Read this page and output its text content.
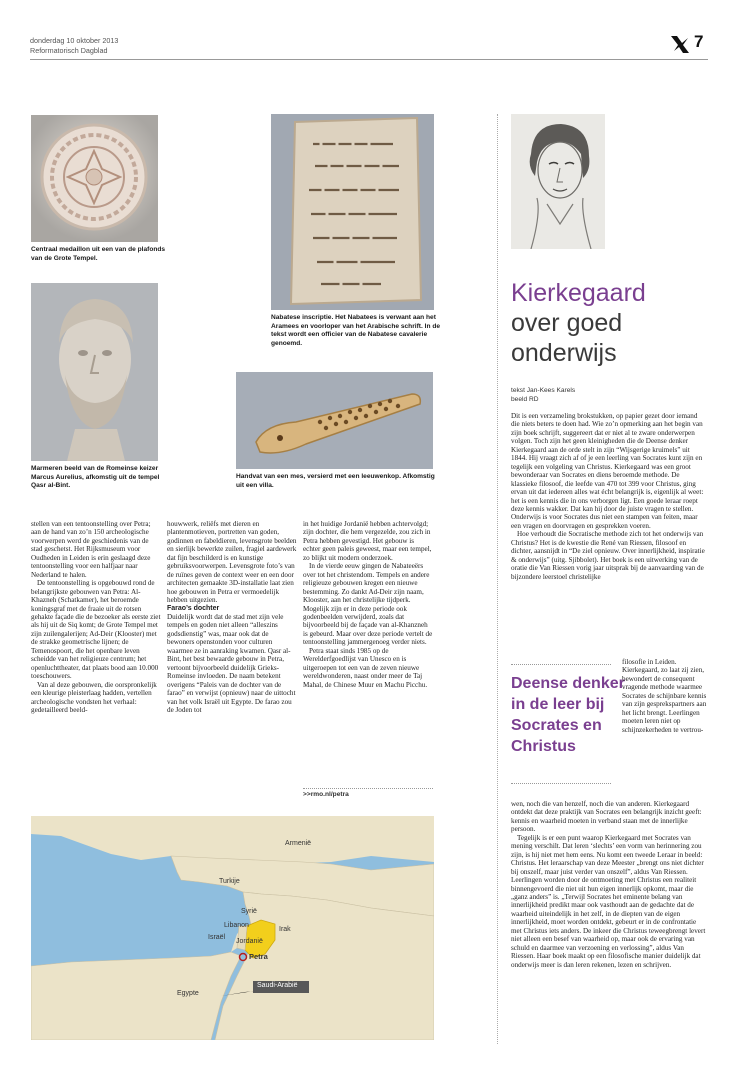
donderdag 10 oktober 2013
Reformatorisch Dagblad	7
Centraal medaillon uit een van de plafonds van de Grote Tempel.
Nabatese inscriptie. Het Nabatees is verwant aan het Aramees en voorloper van het Arabische schrift. In de tekst wordt een officier van de Nabatese cavalerie genoemd.
Marmeren beeld van de Romeinse keizer Marcus Aurelius, afkomstig uit de tempel Qasr al-Bint.
Handvat van een mes, versierd met een leeuwenkop. Afkomstig uit een villa.

stellen van een tentoonstelling over Petra; aan de hand van zo’n 150 archeologische voorwerpen werd de geschiedenis van de stad geschetst. Het Rijksmuseum voor Oudheden in Leiden is erin geslaagd deze tentoonstelling voor een halfjaar naar Nederland te halen.

De tentoonstelling is opgebouwd rond de belangrijkste gebouwen van Petra: Al-Khazneh (Schatkamer), het beroemde koningsgraf met de fraaie uit de rotsen gehakte façade die de bezoeker als eerste ziet als hij uit de Siq komt; de Grote Tempel met zijn zuilengalerijen; Ad-Deir (Klooster) met de strakke geometrische lijnen; de Temenospoort, die het openbare leven scheidde van het religieuze centrum; het openluchttheater, dat plaats bood aan 10.000 toeschouwers.

Van al deze gebouwen, die oorspronkelijk een kleurige pleisterlaag hadden, vertellen archeologische vondsten het verhaal: gedetailleerd beeld-

houwwerk, reliëfs met dieren en plantenmotieven, portretten van goden, godinnen en fabeldieren, levensgrote beelden en sierlijk bewerkte zuilen, fragiel aardewerk dat fijn beschilderd is en kunstige gebruiksvoorwerpen. Levensgrote foto’s van de ruïnes geven de context weer en een door architecten gemaakte 3D-installatie laat zien hoe gebouwen in Petra er vermoedelijk hebben uitgezien.

Farao’s dochter

Duidelijk wordt dat de stad met zijn vele tempels en goden niet alleen “alleszins godsdienstig” was, maar ook dat de bewoners openstonden voor culturen waarmee ze in aanraking kwamen. Qasr al-Bint, het best bewaarde gebouw in Petra, vertoont bijvoorbeeld duidelijk Grieks-Romeinse invloeden. De naam betekent overigens “Paleis van de dochter van de farao” en verwijst (opnieuw) naar de uittocht van het volk Israël uit Egypte. De farao zou de Joden tot

in het huidige Jordanië hebben achtervolgd; zijn dochter, die hem vergezelde, zou zich in Petra hebben gevestigd. Het gebouw is echter geen paleis geweest, maar een tempel, zo blijkt uit modern onderzoek.

In de vierde eeuw gingen de Nabateeërs over tot het christendom. Tempels en andere religieuze gebouwen kregen een nieuwe bestemming. Zo dankt Ad-Deir zijn naam, Klooster, aan het christelijke tijdperk. Mogelijk zijn er in deze periode ook godenbeelden verwijderd, zoals dat bijvoorbeeld bij de façade van al-Khanzneh is gebeurd. Maar over deze periode vertelt de tentoonstelling jammergenoeg verder niets.

Petra staat sinds 1985 op de Werelderfgoedlijst van Unesco en is uitgeroepen tot een van de zeven nieuwe wereldwonderen, naast onder meer de Taj Mahal, de Chinese Muur en Machu Picchu.

>>rmo.nl/petra
Armenië
Turkije
Syrië
Libanon
Irak
Israël
Jordanië
Petra
Saudi-Arabië
Egypte
Kierkegaard
over goed
onderwijs
tekst Jan-Kees Karels
beeld RD

Dit is een verzameling brokstukken, op papier gezet door iemand die niets beters te doen had. Wie zo’n opmerking aan het begin van zijn boek schrijft, suggereert dat er niet al te zware onderwerpen volgen. Toch zijn het geen kleinigheden die de Deense denker Kierkegaard aan de orde stelt in zijn “Wijsgerige kruimels” uit 1844. Hij vraagt zich af of je een leerling van Socrates kunt zijn en tegelijk een volgeling van Christus. Kierkegaard was een groot bewonderaar van Socrates en diens beroemde methode. De klassieke filosoof, die leefde van 470 tot 399 voor Christus, ging ervan uit dat iedereen alles wat écht belangrijk is, eigenlijk al weet: het is een kennis die in ons verborgen ligt. Een goede leraar roept deze kennis wakker. Dat kan hij door de juiste vragen te stellen. Onderwijs is voor Socrates dus niet een stampen van feiten, maar een vragen en doorvragen en gesprekken voeren.

Hoe verhoudt die Socratische methode zich tot het onderwijs van Christus? Het is de kwestie die René van Riessen, filosoof en dichter, aansnijdt in “De ziel opnieuw. Over innerlijkheid, inspiratie & onderwijs” (uitg. Sjibbolet). Het boek is een uitwerking van de oratie die Van Riessen vorig jaar uitsprak bij de aanvaarding van de bijzondere leerstoel christelijke

Deense denker in de leer bij Socrates en Christus

filosofie in Leiden. Kierkegaard, zo laat zij zien, bewondert de consequent vragende methode waarmee Socrates de schijnbare kennis van zijn gesprekspartners aan het licht brengt. Leerlingen moeten leren niet op schijnzekerheden te vertrou-

wen, noch die van henzelf, noch die van anderen. Kierkegaard ontdekt dat deze praktijk van Socrates een belangrijk inzicht geeft: kennis en waarheid moeten in verband staan met de innerlijke persoon.

Tegelijk is er een punt waarop Kierkegaard met Socrates van mening verschilt. Dat leren ‘slechts’ een vorm van herinnering zou zijn, is hij niet met hem eens. Nu komt een tweede Leraar in beeld: Christus. Het leraarschap van deze Meester „brengt ons niet dichter bij onszelf, maar juist verder van onszelf”, aldus Van Riessen. Leerlingen worden door de ontmoeting met Christus een realiteit binnengevoerd die niet uit hun eigen innerlijk opkomt, maar die „ganz anders” is. „Terwijl Socrates het eminente belang van innerlijkheid predikt maar ook vasthoudt aan de gedachte dat de waarheid uiteindelijk in het zelf, in de diepten van de eigen innerlijkheid, moet worden ontdekt, gebeurt er in de confrontatie met Christus iets anders. De inkeer die Christus teweegbrengt levert niet alleen een besef van waarheid op, maar ook de ervaring van schuld en daarmee van verzoening en verlossing”, aldus Van Riessen. Haar boek maakt op een filosofische manier duidelijk dat onderwijs meer is dan leren rekenen, lezen en schrijven.
